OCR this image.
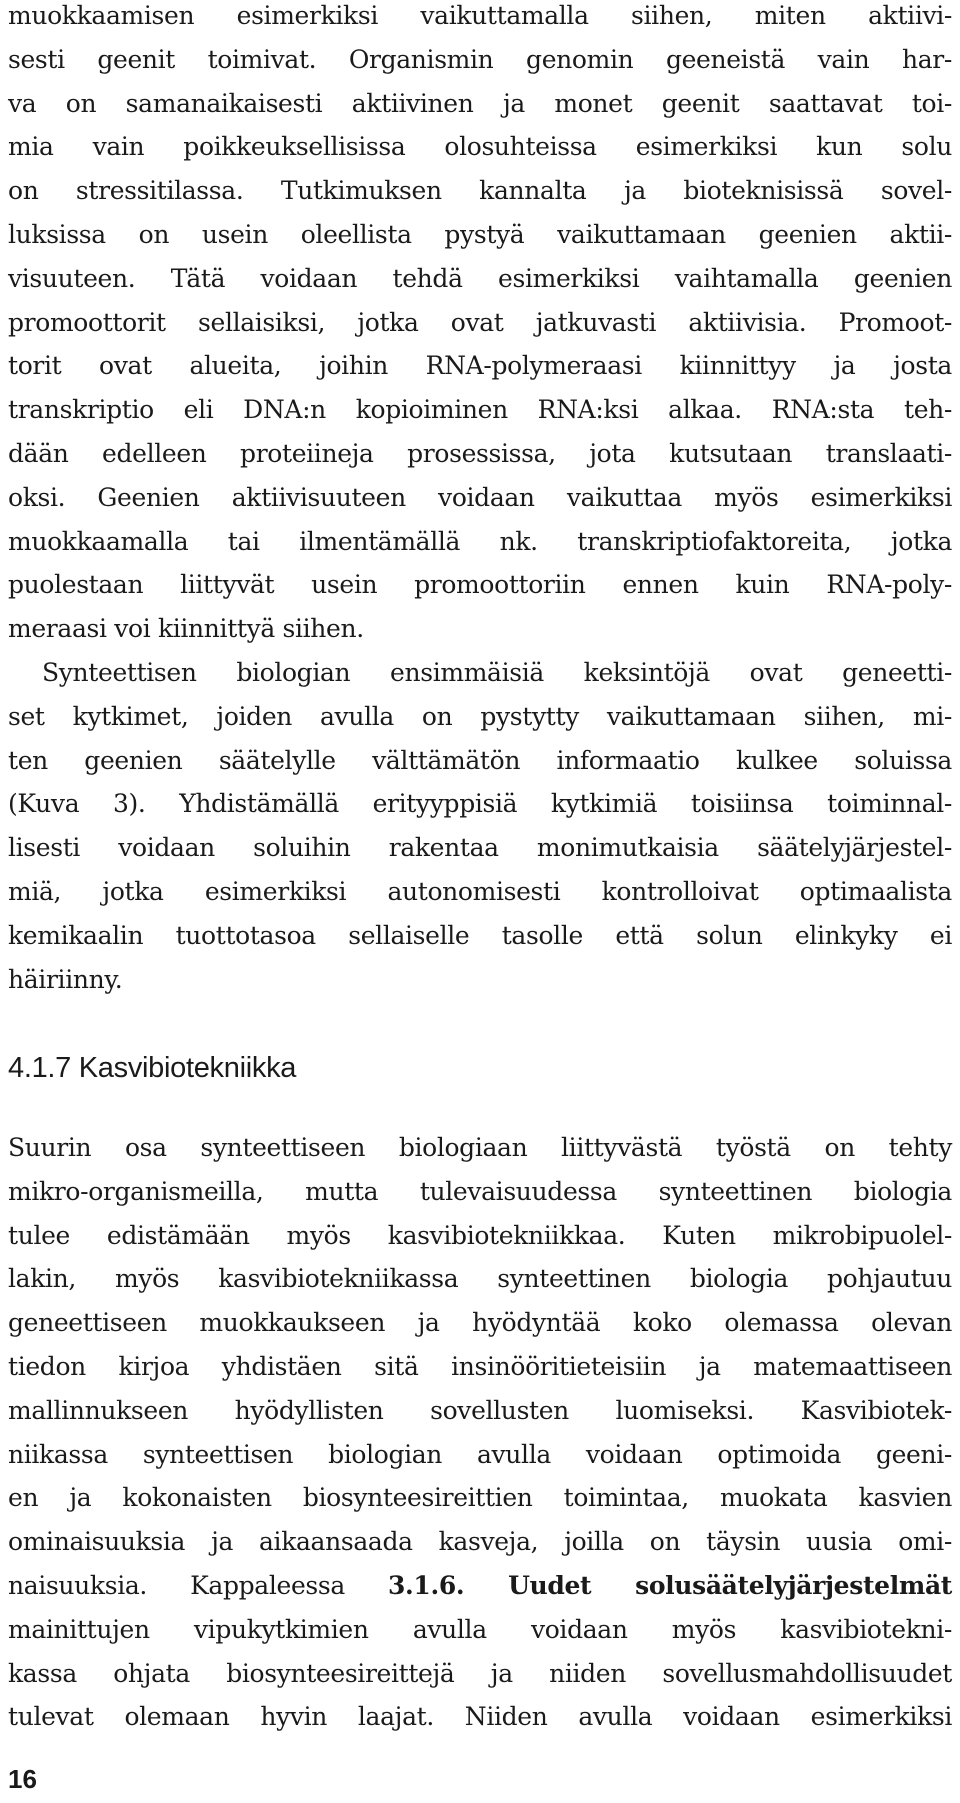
muokkaamisen esimerkiksi vaikuttamalla siihen, miten aktiivi-
sesti geenit toimivat. Organismin genomin geeneistä vain har-
va on samanaikaisesti aktiivinen ja monet geenit saattavat toi-
mia vain poikkeuksellisissa olosuhteissa esimerkiksi kun solu
on stressitilassa. Tutkimuksen kannalta ja bioteknisissä sovel-
luksissa on usein oleellista pystyä vaikuttamaan geenien aktii-
visuuteen. Tätä voidaan tehdä esimerkiksi vaihtamalla geenien
promoottorit sellaisiksi, jotka ovat jatkuvasti aktiivisia. Promoot-
torit ovat alueita, joihin RNA-polymeraasi kiinnittyy ja josta
transkriptio eli DNA:n kopioiminen RNA:ksi alkaa. RNA:sta teh-
dään edelleen proteiineja prosessissa, jota kutsutaan translaati-
oksi. Geenien aktiivisuuteen voidaan vaikuttaa myös esimerkiksi
muokkaamalla tai ilmentämällä nk. transkriptiofaktoreita, jotka
puolestaan liittyvät usein promoottoriin ennen kuin RNA-poly-
meraasi voi kiinnittyä siihen.
Synteettisen biologian ensimmäisiä keksintöjä ovat geneetti-
set kytkimet, joiden avulla on pystytty vaikuttamaan siihen, mi-
ten geenien säätelylle välttämätön informaatio kulkee soluissa
(Kuva 3). Yhdistämällä erityyppisiä kytkimiä toisiinsa toiminnal-
lisesti voidaan soluihin rakentaa monimutkaisia säätelyjärjestel-
miä, jotka esimerkiksi autonomisesti kontrolloivat optimaalista
kemikaalin tuottotasoa sellaiselle tasolle että solun elinkyky ei
häiriinny.
4.1.7 Kasvibiotekniikka
Suurin osa synteettiseen biologiaan liittyvästä työstä on tehty
mikro-organismeilla, mutta tulevaisuudessa synteettinen biologia
tulee edistämään myös kasvibiotekniikkaa. Kuten mikrobipuolel-
lakin, myös kasvibiotekniikassa synteettinen biologia pohjautuu
geneettiseen muokkaukseen ja hyödyntää koko olemassa olevan
tiedon kirjoa yhdistäen sitä insinööritieteisiin ja matemaattiseen
mallinnukseen hyödyllisten sovellusten luomiseksi. Kasvibiotek-
niikassa synteettisen biologian avulla voidaan optimoida geeni-
en ja kokonaisten biosynteesireittien toimintaa, muokata kasvien
ominaisuuksia ja aikaansaada kasveja, joilla on täysin uusia omi-
naisuuksia. Kappaleessa 3.1.6. Uudet solusäätelyjärjestelmät
mainittujen vipukytkimien avulla voidaan myös kasvibiotekni-
kassa ohjata biosynteesireittejä ja niiden sovellusmahdollisuudet
tulevat olemaan hyvin laajat. Niiden avulla voidaan esimerkiksi
16
